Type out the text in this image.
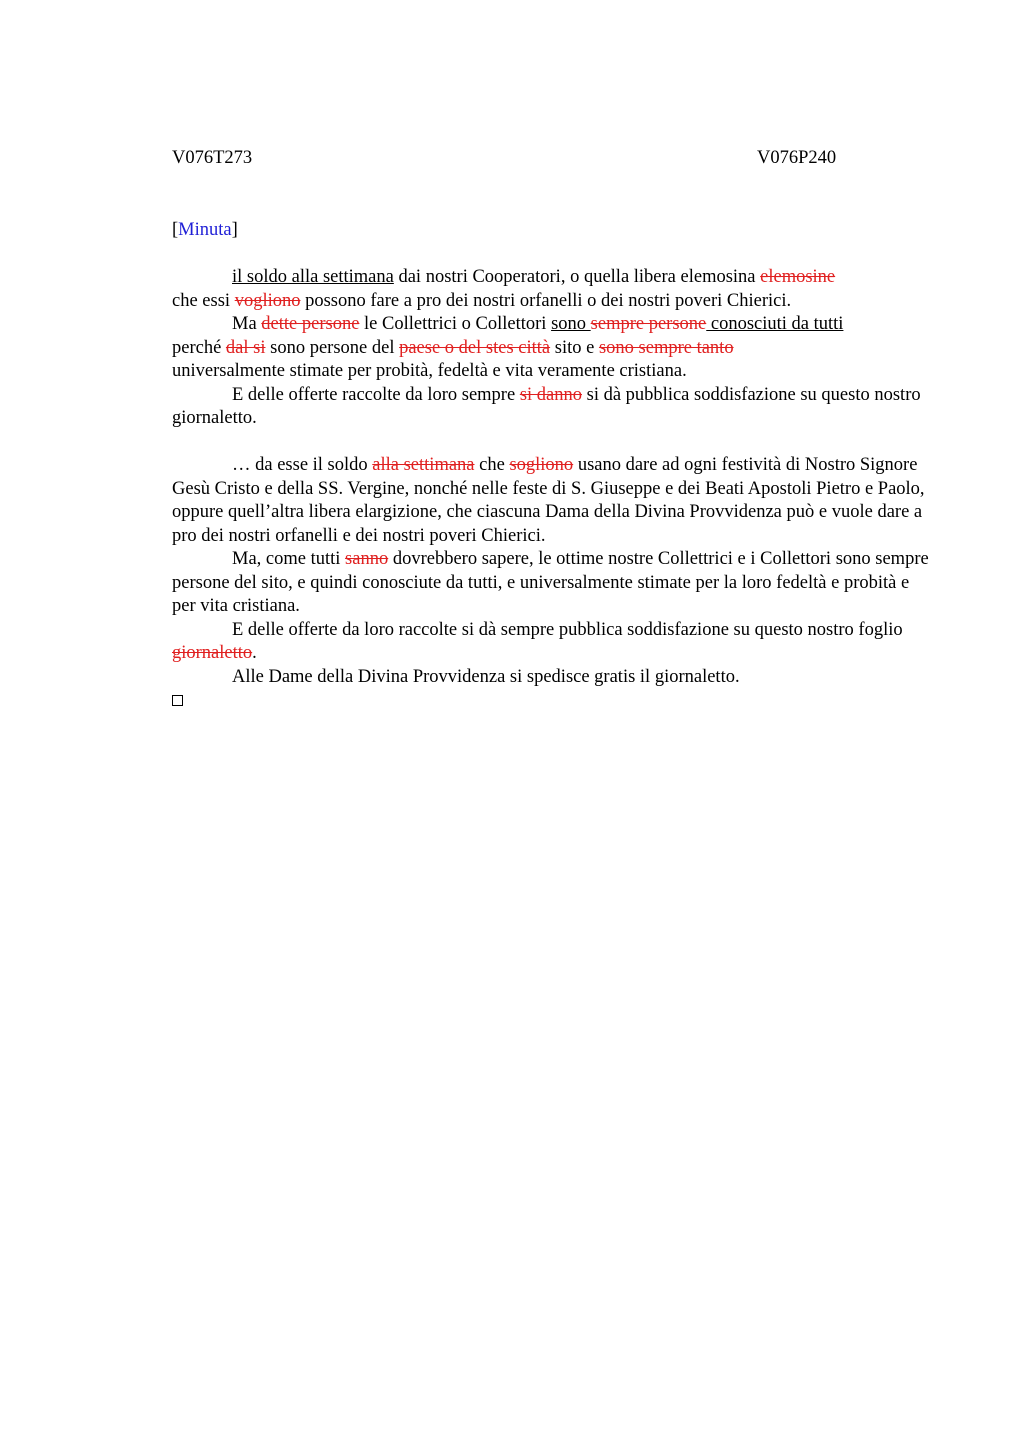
V076T273	V076P240
[Minuta]

il soldo alla settimana dai nostri Cooperatori, o quella libera elemosina elemosine
che essi vogliono possono fare a pro dei nostri orfanelli o dei nostri poveri Chierici.

Ma dette persone le Collettrici o Collettori sono sempre persone conosciuti da tutti
perché dal si sono persone del paese o del stes città sito e sono sempre tanto
universalmente stimate per probità, fedeltà e vita veramente cristiana.

E delle offerte raccolte da loro sempre si danno si dà pubblica soddisfazione su questo nostro giornaletto.

… da esse il soldo alla settimana che sogliono usano dare ad ogni festività di Nostro Signore Gesù Cristo e della SS. Vergine, nonché nelle feste di S. Giuseppe e dei Beati Apostoli Pietro e Paolo, oppure quell’altra libera elargizione, che ciascuna Dama della Divina Provvidenza può e vuole dare a pro dei nostri orfanelli e dei nostri poveri Chierici.

Ma, come tutti sanno dovrebbero sapere, le ottime nostre Collettrici e i Collettori sono sempre persone del sito, e quindi conosciute da tutti, e universalmente stimate per la loro fedeltà e probità e per vita cristiana.

E delle offerte da loro raccolte si dà sempre pubblica soddisfazione su questo nostro foglio giornaletto.

Alle Dame della Divina Provvidenza si spedisce gratis il giornaletto.
